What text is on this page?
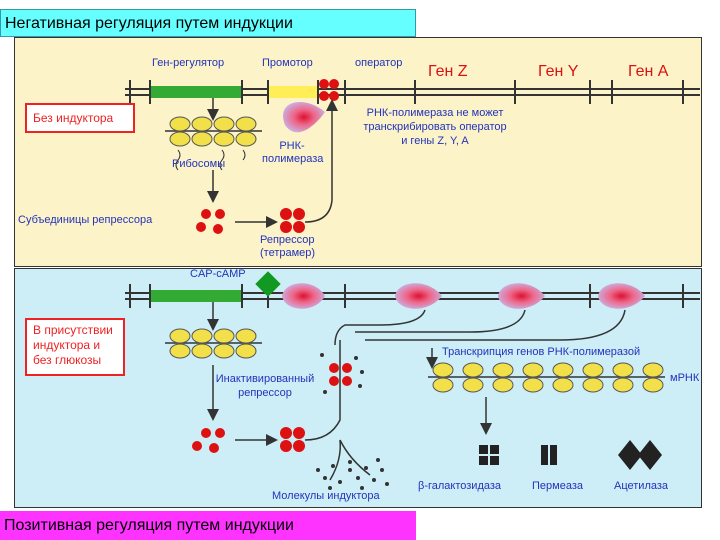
Негативная регуляция путем индукции
Ген-регулятор	Промотор	оператор Ген Z	Ген Y	Ген А
Без индуктора
Рибосомы
РНК-
полимераза
РНК-полимераза не может
транскрибировать оператор
и гены Z, Y, A
Субъединицы репрессора
Репрессор
(тетрамер)
CAP-cAMP
В присутствии
индуктора и
без глюкозы
Инактивированный
репрессор
Транскрипция генов РНК-полимеразой
мРНК
Молекулы индуктора
β-галактозидаза	Пермеаза	Ацетилаза
Позитивная регуляция путем индукции
